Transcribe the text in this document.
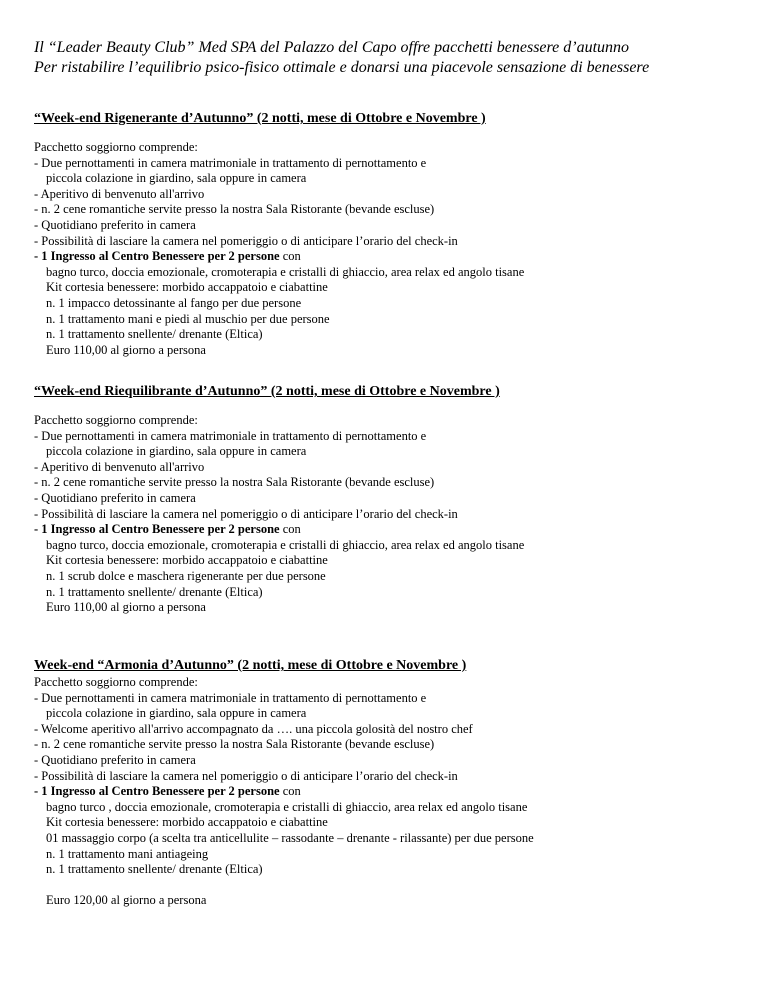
Il “Leader Beauty Club” Med SPA del Palazzo del Capo offre pacchetti benessere d’autunno
Per ristabilire l’equilibrio psico-fisico ottimale e donarsi una piacevole sensazione di benessere
“Week-end Rigenerante d’Autunno” (2 notti, mese di Ottobre e Novembre )
Pacchetto soggiorno comprende:
- Due pernottamenti in camera matrimoniale in trattamento di pernottamento e
piccola colazione in giardino, sala oppure in camera
- Aperitivo di benvenuto all'arrivo
- n. 2 cene romantiche servite presso la nostra Sala Ristorante (bevande escluse)
- Quotidiano preferito in camera
- Possibilità di lasciare la camera nel pomeriggio o di anticipare l’orario del check-in
- 1 Ingresso al Centro Benessere per 2 persone con
bagno turco, doccia emozionale, cromoterapia e cristalli di ghiaccio, area relax ed angolo tisane
Kit cortesia benessere: morbido accappatoio e ciabattine
n. 1 impacco detossinante al fango per due persone
n. 1 trattamento mani e piedi al muschio per due persone
n. 1 trattamento snellente/ drenante (Eltica)
Euro 110,00 al giorno a persona
“Week-end Riequilibrante d’Autunno” (2 notti, mese di Ottobre e Novembre )
Pacchetto soggiorno comprende:
- Due pernottamenti in camera matrimoniale in trattamento di pernottamento e
piccola colazione in giardino, sala oppure in camera
- Aperitivo di benvenuto all'arrivo
- n. 2 cene romantiche servite presso la nostra Sala Ristorante (bevande escluse)
- Quotidiano preferito in camera
- Possibilità di lasciare la camera nel pomeriggio o di anticipare l’orario del check-in
- 1 Ingresso al Centro Benessere per 2 persone con
bagno turco, doccia emozionale, cromoterapia e cristalli di ghiaccio, area relax ed angolo tisane
Kit cortesia benessere: morbido accappatoio e ciabattine
n. 1 scrub dolce e maschera rigenerante per due persone
n. 1 trattamento snellente/ drenante (Eltica)
Euro 110,00 al giorno a persona
Week-end “Armonia d’Autunno” (2 notti, mese di Ottobre e Novembre )
Pacchetto soggiorno comprende:
- Due pernottamenti in camera matrimoniale in trattamento di pernottamento e
piccola colazione in giardino, sala oppure in camera
- Welcome aperitivo all'arrivo accompagnato da …. una piccola golosità del nostro chef
- n. 2 cene romantiche servite presso la nostra Sala Ristorante (bevande escluse)
- Quotidiano preferito in camera
- Possibilità di lasciare la camera nel pomeriggio o di anticipare l’orario del check-in
- 1 Ingresso al Centro Benessere per 2 persone con
bagno turco , doccia emozionale, cromoterapia e cristalli di ghiaccio, area relax ed angolo tisane
Kit cortesia benessere: morbido accappatoio e ciabattine
01 massaggio corpo (a scelta tra anticellulite – rassodante – drenante - rilassante) per due persone
n. 1 trattamento mani antiageing
n. 1 trattamento snellente/ drenante (Eltica)
Euro 120,00 al giorno a persona
